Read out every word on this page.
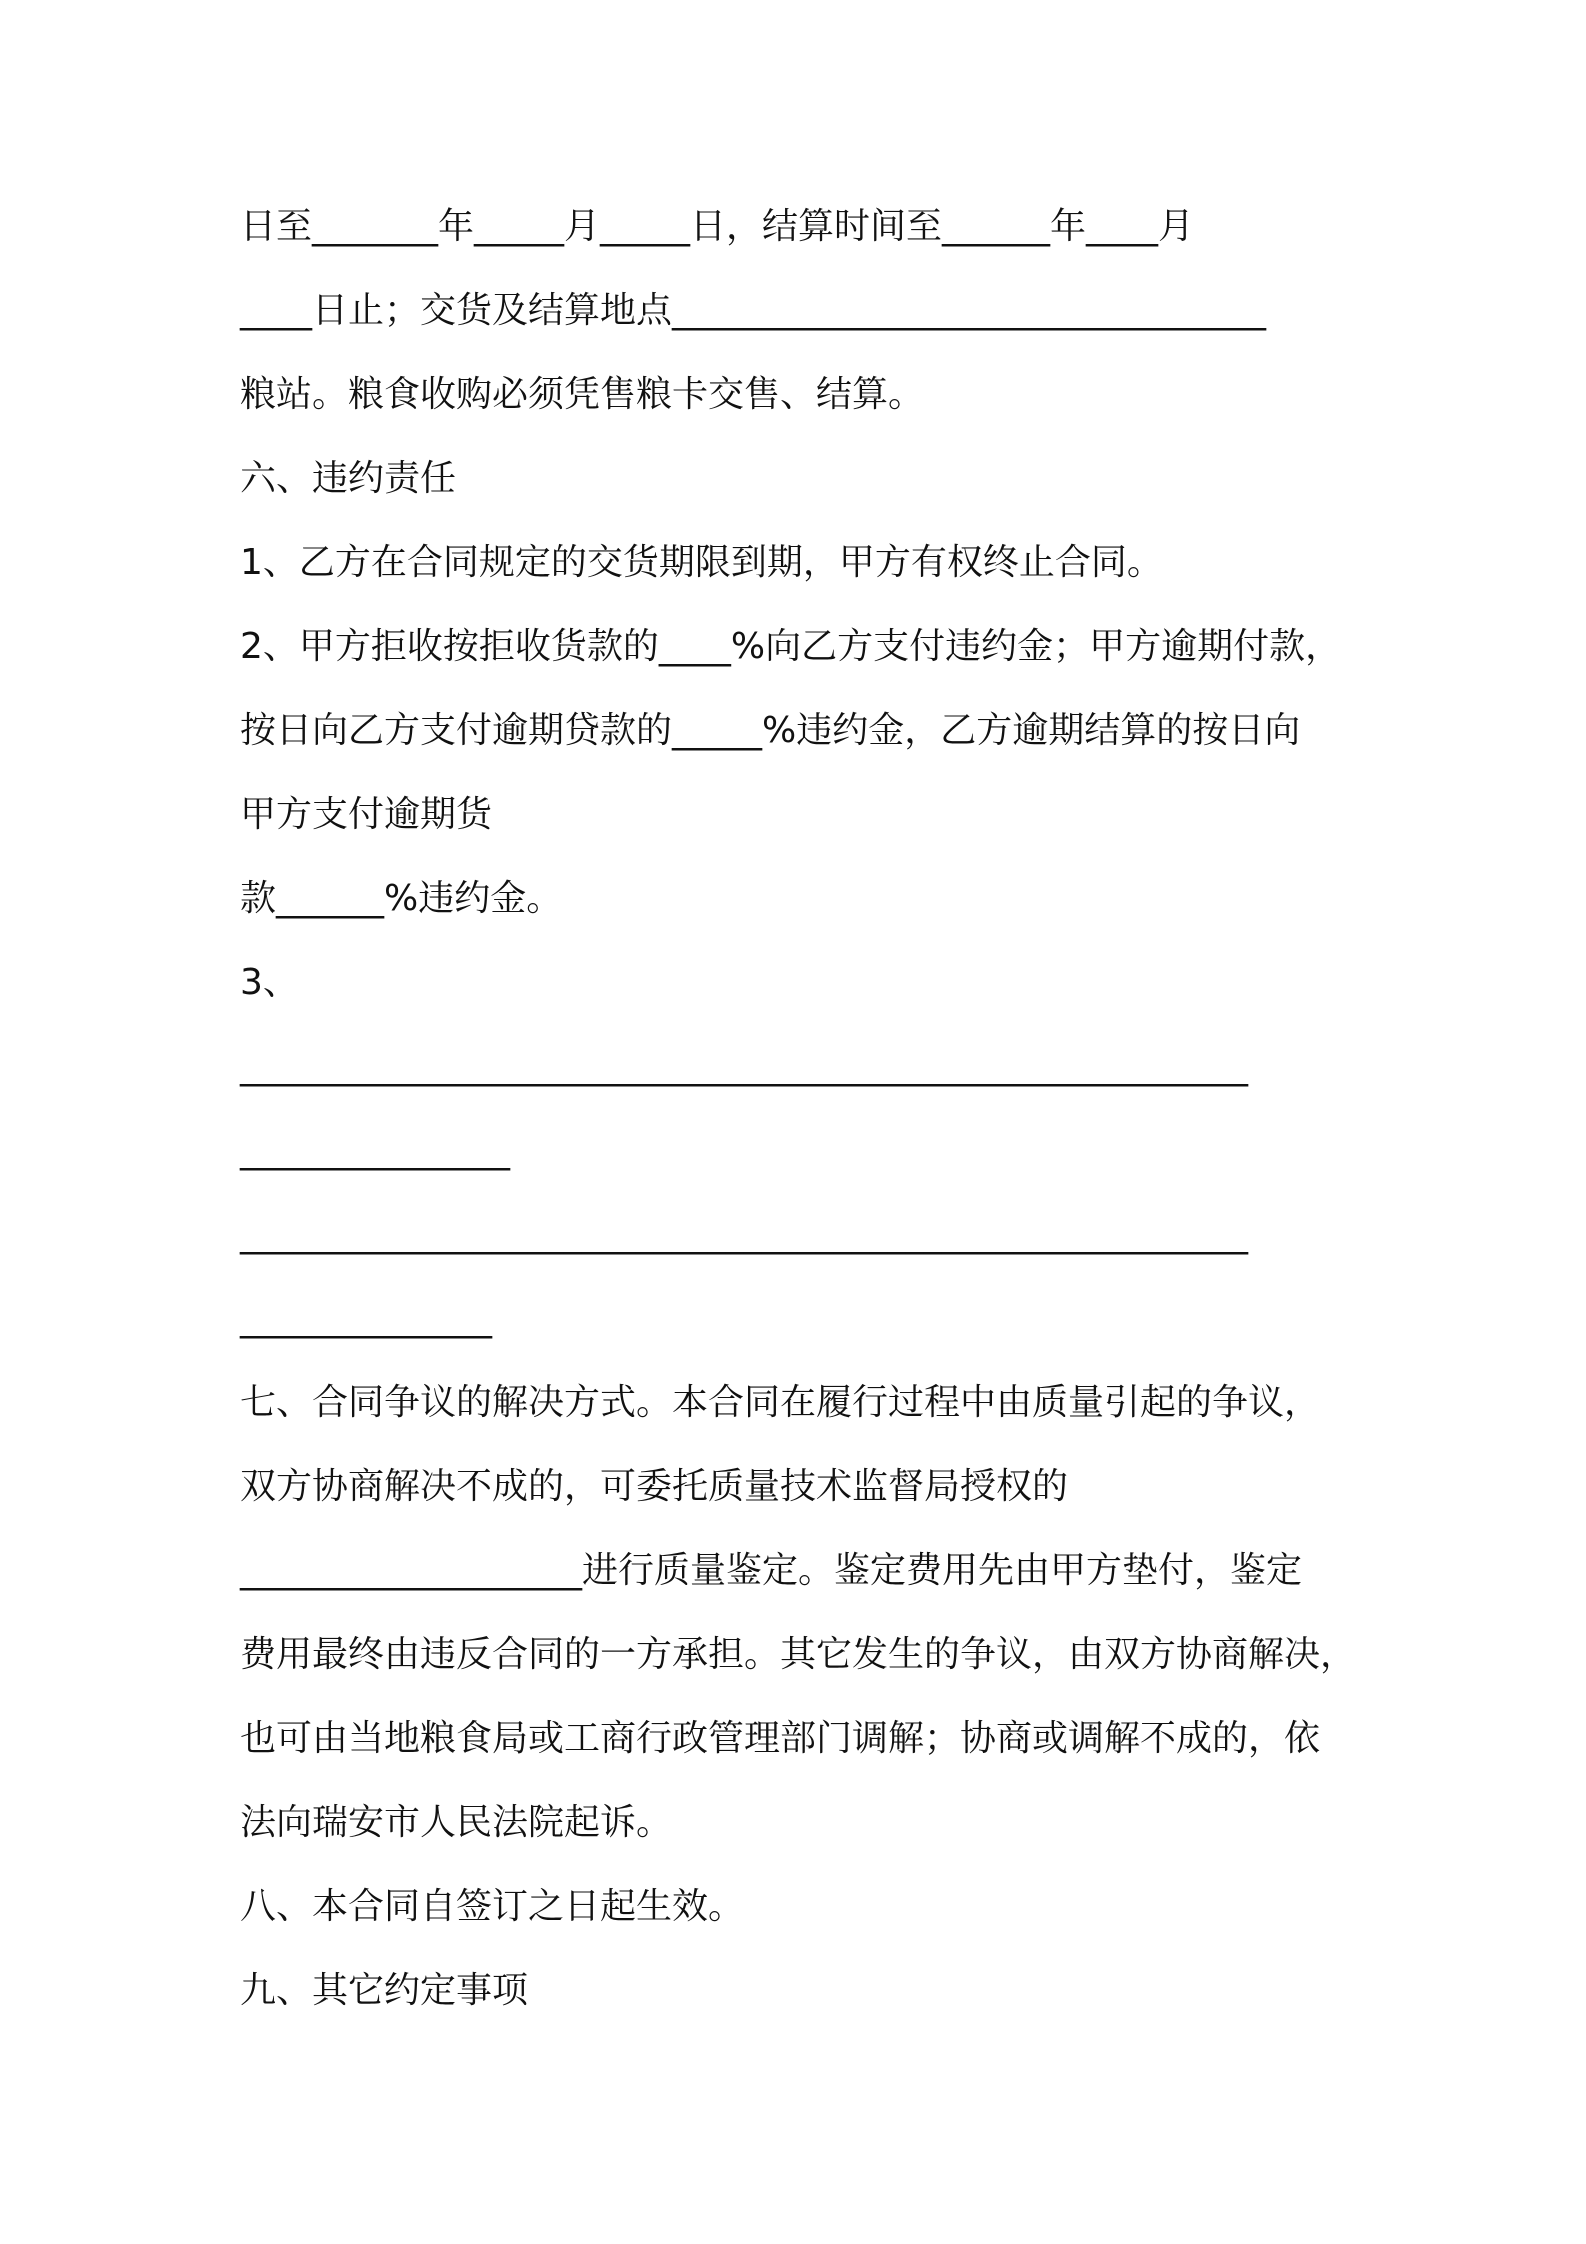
日至_______年_____月_____日，结算时间至______年____月

____日止；交货及结算地点_________________________________

粮站。粮食收购必须凭售粮卡交售、结算。

六、违约责任

1、乙方在合同规定的交货期限到期，甲方有权终止合同。

2、甲方拒收按拒收货款的____%向乙方支付违约金；甲方逾期付款，

按日向乙方支付逾期贷款的_____%违约金，乙方逾期结算的按日向

甲方支付逾期货

款______%违约金。

3、

________________________________________________________

_______________

________________________________________________________

______________

七、合同争议的解决方式。本合同在履行过程中由质量引起的争议，

双方协商解决不成的，可委托质量技术监督局授权的

___________________进行质量鉴定。鉴定费用先由甲方垫付，鉴定

费用最终由违反合同的一方承担。其它发生的争议，由双方协商解决，

也可由当地粮食局或工商行政管理部门调解；协商或调解不成的，依

法向瑞安市人民法院起诉。

八、本合同自签订之日起生效。

九、其它约定事项
